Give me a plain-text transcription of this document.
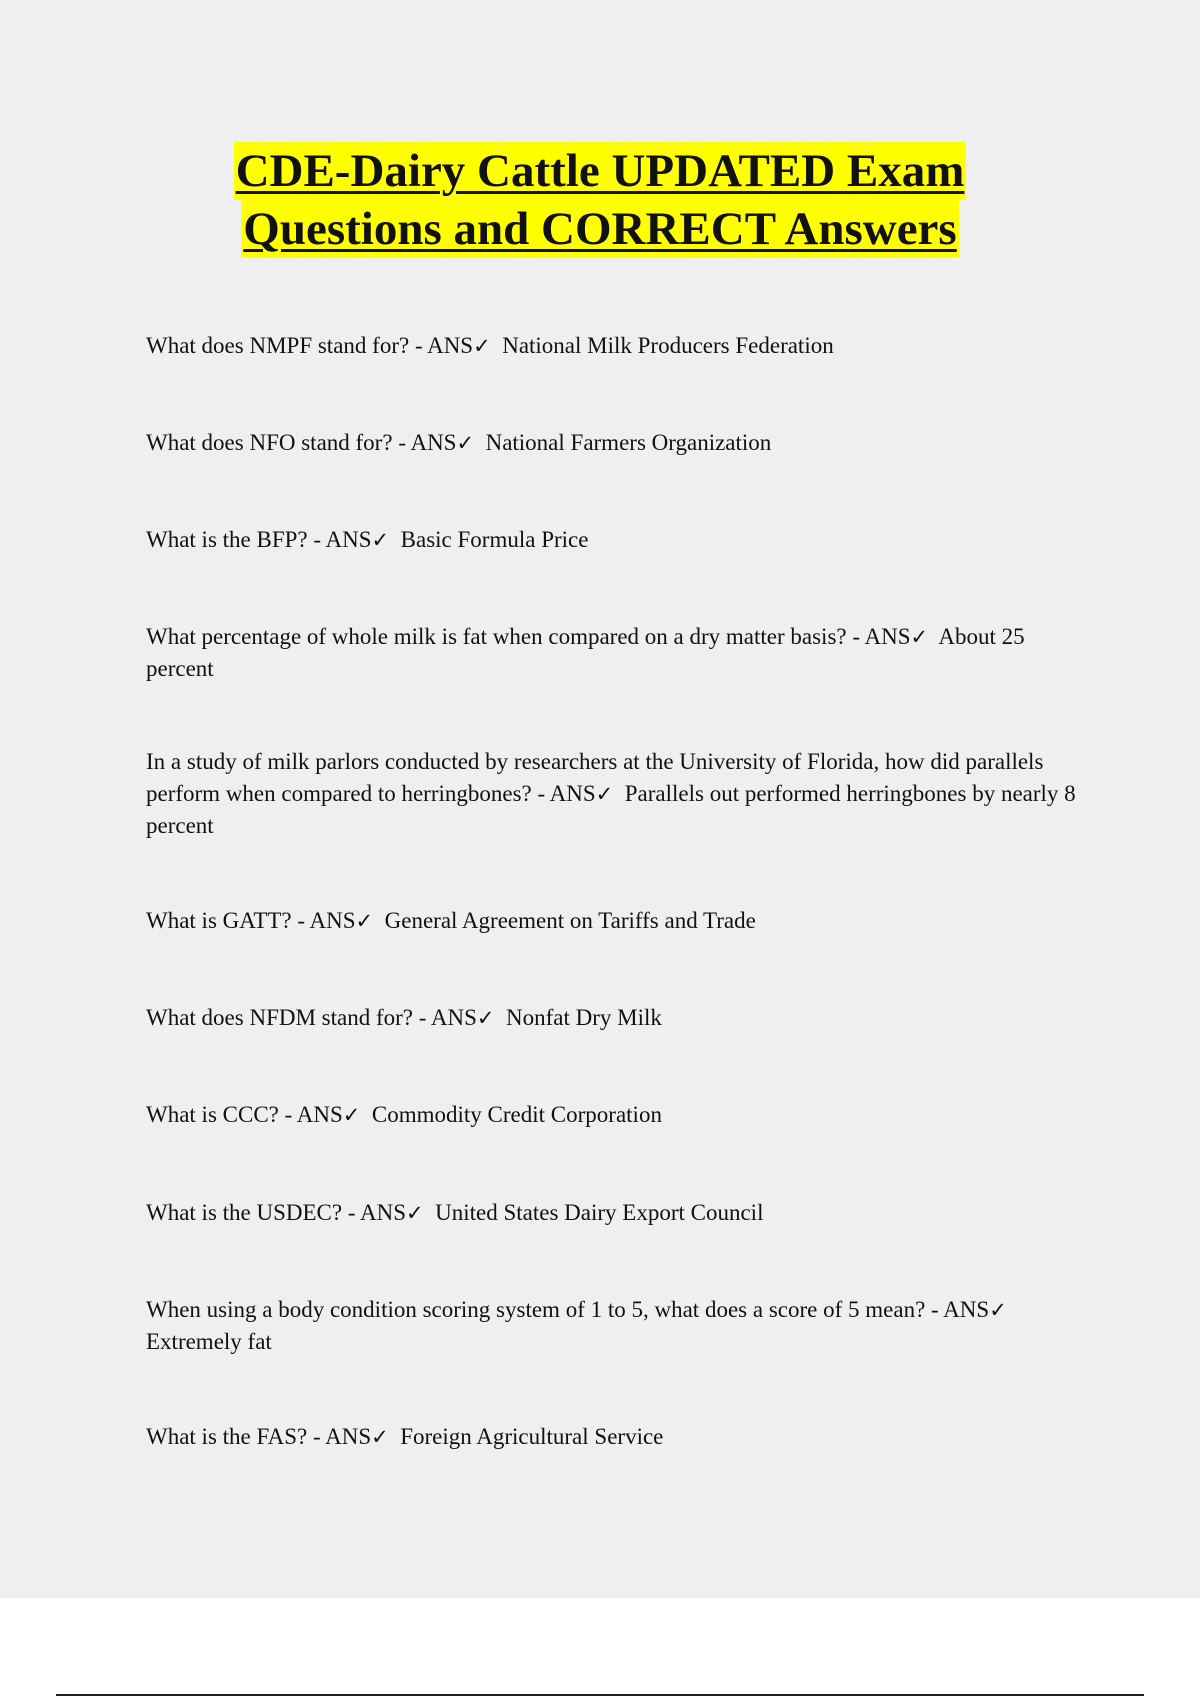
CDE-Dairy Cattle UPDATED Exam
Questions and CORRECT Answers

What does NMPF stand for? - ANS✓ National Milk Producers Federation

What does NFO stand for? - ANS✓ National Farmers Organization

What is the BFP? - ANS✓ Basic Formula Price

What percentage of whole milk is fat when compared on a dry matter basis? - ANS✓ About 25 percent

In a study of milk parlors conducted by researchers at the University of Florida, how did parallels perform when compared to herringbones? - ANS✓ Parallels out performed herringbones by nearly 8 percent

What is GATT? - ANS✓ General Agreement on Tariffs and Trade

What does NFDM stand for? - ANS✓ Nonfat Dry Milk

What is CCC? - ANS✓ Commodity Credit Corporation

What is the USDEC? - ANS✓ United States Dairy Export Council

When using a body condition scoring system of 1 to 5, what does a score of 5 mean? - ANS✓  Extremely fat

What is the FAS? - ANS✓ Foreign Agricultural Service
